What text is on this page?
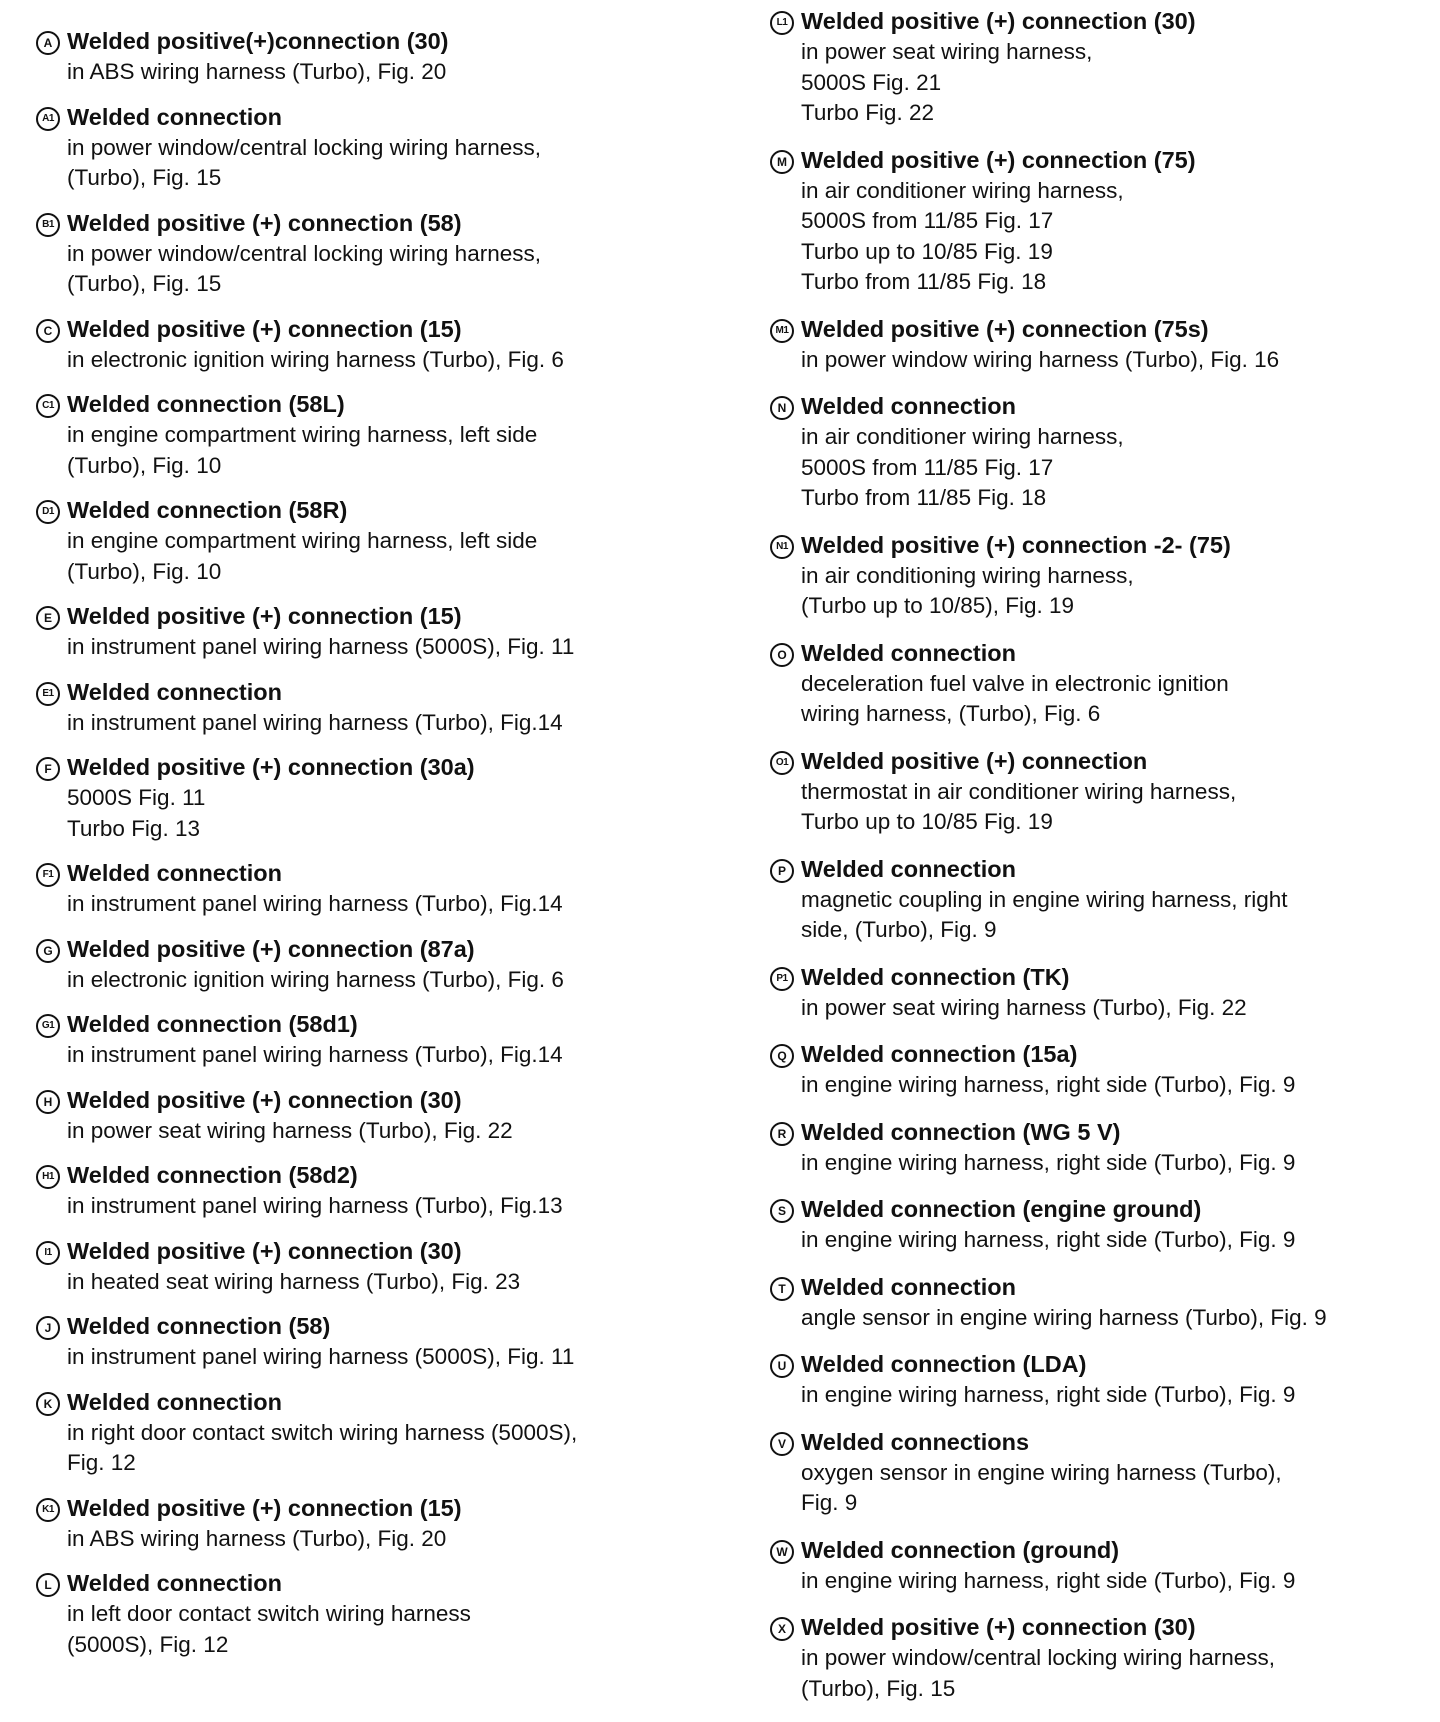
A Welded positive(+)connection (30)
in ABS wiring harness (Turbo), Fig. 20
A1 Welded connection
in power window/central locking wiring harness,
(Turbo), Fig. 15
B1 Welded positive (+) connection (58)
in power window/central locking wiring harness,
(Turbo), Fig. 15
C Welded positive (+) connection (15)
in electronic ignition wiring harness (Turbo), Fig. 6
C1 Welded connection (58L)
in engine compartment wiring harness, left side
(Turbo), Fig. 10
D1 Welded connection (58R)
in engine compartment wiring harness, left side
(Turbo), Fig. 10
E Welded positive (+) connection (15)
in instrument panel wiring harness (5000S), Fig. 11
E1 Welded connection
in instrument panel wiring harness (Turbo), Fig.14
F Welded positive (+) connection (30a)
5000S Fig. 11
Turbo Fig. 13
F1 Welded connection
in instrument panel wiring harness (Turbo), Fig.14
G Welded positive (+) connection (87a)
in electronic ignition wiring harness (Turbo), Fig. 6
G1 Welded connection (58d1)
in instrument panel wiring harness (Turbo), Fig.14
H Welded positive (+) connection (30)
in power seat wiring harness (Turbo), Fig. 22
H1 Welded connection (58d2)
in instrument panel wiring harness (Turbo), Fig.13
I1 Welded positive (+) connection (30)
in heated seat wiring harness (Turbo), Fig. 23
J Welded connection (58)
in instrument panel wiring harness (5000S), Fig. 11
K Welded connection
in right door contact switch wiring harness (5000S),
Fig. 12
K1 Welded positive (+) connection (15)
in ABS wiring harness (Turbo), Fig. 20
L Welded connection
in left door contact switch wiring harness
(5000S), Fig. 12
L1 Welded positive (+) connection (30)
in power seat wiring harness,
5000S Fig. 21
Turbo Fig. 22
M Welded positive (+) connection (75)
in air conditioner wiring harness,
5000S from 11/85 Fig. 17
Turbo up to 10/85 Fig. 19
Turbo from 11/85 Fig. 18
M1 Welded positive (+) connection (75s)
in power window wiring harness (Turbo), Fig. 16
N Welded connection
in air conditioner wiring harness,
5000S from 11/85 Fig. 17
Turbo from 11/85 Fig. 18
N1 Welded positive (+) connection -2- (75)
in air conditioning wiring harness,
(Turbo up to 10/85), Fig. 19
O Welded connection
deceleration fuel valve in electronic ignition
wiring harness, (Turbo), Fig. 6
O1 Welded positive (+) connection
thermostat in air conditioner wiring harness,
Turbo up to 10/85 Fig. 19
P Welded connection
magnetic coupling in engine wiring harness, right
side, (Turbo), Fig. 9
P1 Welded connection (TK)
in power seat wiring harness (Turbo), Fig. 22
Q Welded connection (15a)
in engine wiring harness, right side (Turbo), Fig. 9
R Welded connection (WG 5 V)
in engine wiring harness, right side (Turbo), Fig. 9
S Welded connection (engine ground)
in engine wiring harness, right side (Turbo), Fig. 9
T Welded connection
angle sensor in engine wiring harness (Turbo), Fig. 9
U Welded connection (LDA)
in engine wiring harness, right side (Turbo), Fig. 9
V Welded connections
oxygen sensor in engine wiring harness (Turbo),
Fig. 9
W Welded connection (ground)
in engine wiring harness, right side (Turbo), Fig. 9
X Welded positive (+) connection (30)
in power window/central locking wiring harness,
(Turbo), Fig. 15
